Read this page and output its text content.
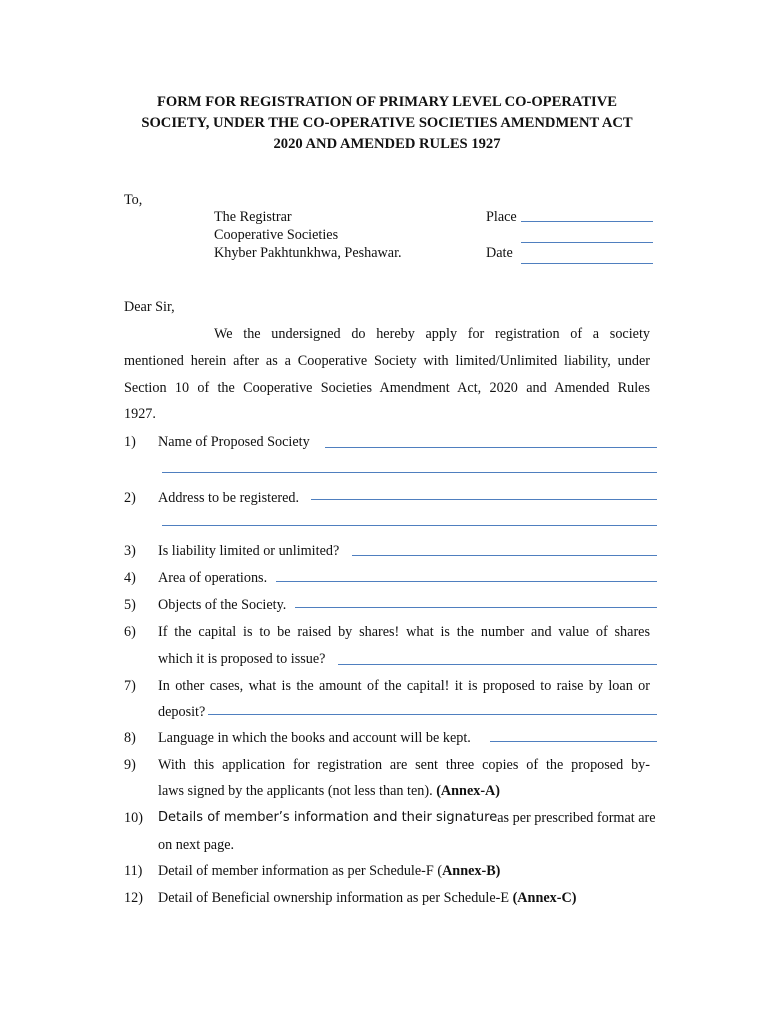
FORM FOR REGISTRATION OF PRIMARY LEVEL CO-OPERATIVE
SOCIETY, UNDER THE CO-OPERATIVE SOCIETIES AMENDMENT ACT
2020 AND AMENDED RULES 1927
To,
The Registrar
Cooperative Societies
Khyber Pakhtunkhwa, Peshawar.
Place
Date
Dear Sir,
We the undersigned do hereby apply for registration of a society
mentioned herein after as a Cooperative Society with limited/Unlimited liability, under
Section 10 of the Cooperative Societies Amendment Act, 2020 and Amended Rules
1927.
1) Name of Proposed Society
2) Address to be registered.
3) Is liability limited or unlimited?
4) Area of operations.
5) Objects of the Society.
6) If the capital is to be raised by shares! what is the number and value of shares
which it is proposed to issue?
7) In other cases, what is the amount of the capital! it is proposed to raise by loan or
deposit?
8) Language in which the books and account will be kept.
9) With this application for registration are sent three copies of the proposed by-
laws signed by the applicants (not less than ten). (Annex-A)
10) Details of member’s information and their signature as per prescribed format are
on next page.
11) Detail of member information as per Schedule-F (Annex-B)
12) Detail of Beneficial ownership information as per Schedule-E (Annex-C)
